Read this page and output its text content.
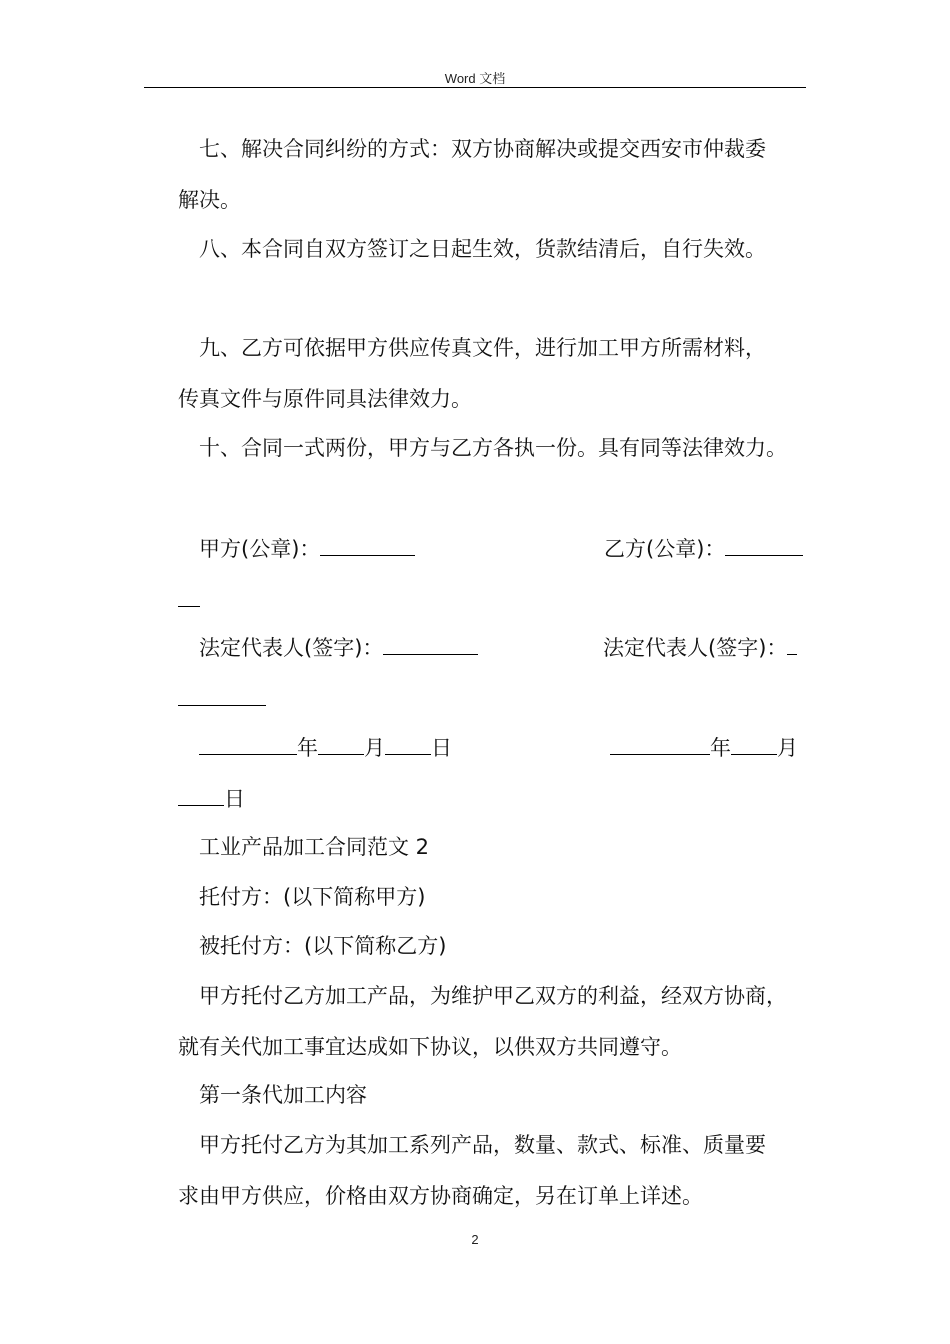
Word 文档
七、解决合同纠纷的方式：双方协商解决或提交西安市仲裁委
解决。
八、本合同自双方签订之日起生效，货款结清后，自行失效。
九、乙方可依据甲方供应传真文件，进行加工甲方所需材料，
传真文件与原件同具法律效力。
十、合同一式两份，甲方与乙方各执一份。具有同等法律效力。
甲方(公章)：	乙方(公章)：
法定代表人(签字)：	法定代表人(签字)：
年 月 日	年 月
日
工业产品加工合同范文 2
托付方：(以下简称甲方)
被托付方：(以下简称乙方)
甲方托付乙方加工产品，为维护甲乙双方的利益，经双方协商，
就有关代加工事宜达成如下协议，以供双方共同遵守。
第一条代加工内容
甲方托付乙方为其加工系列产品，数量、款式、标准、质量要
求由甲方供应，价格由双方协商确定，另在订单上详述。
2
